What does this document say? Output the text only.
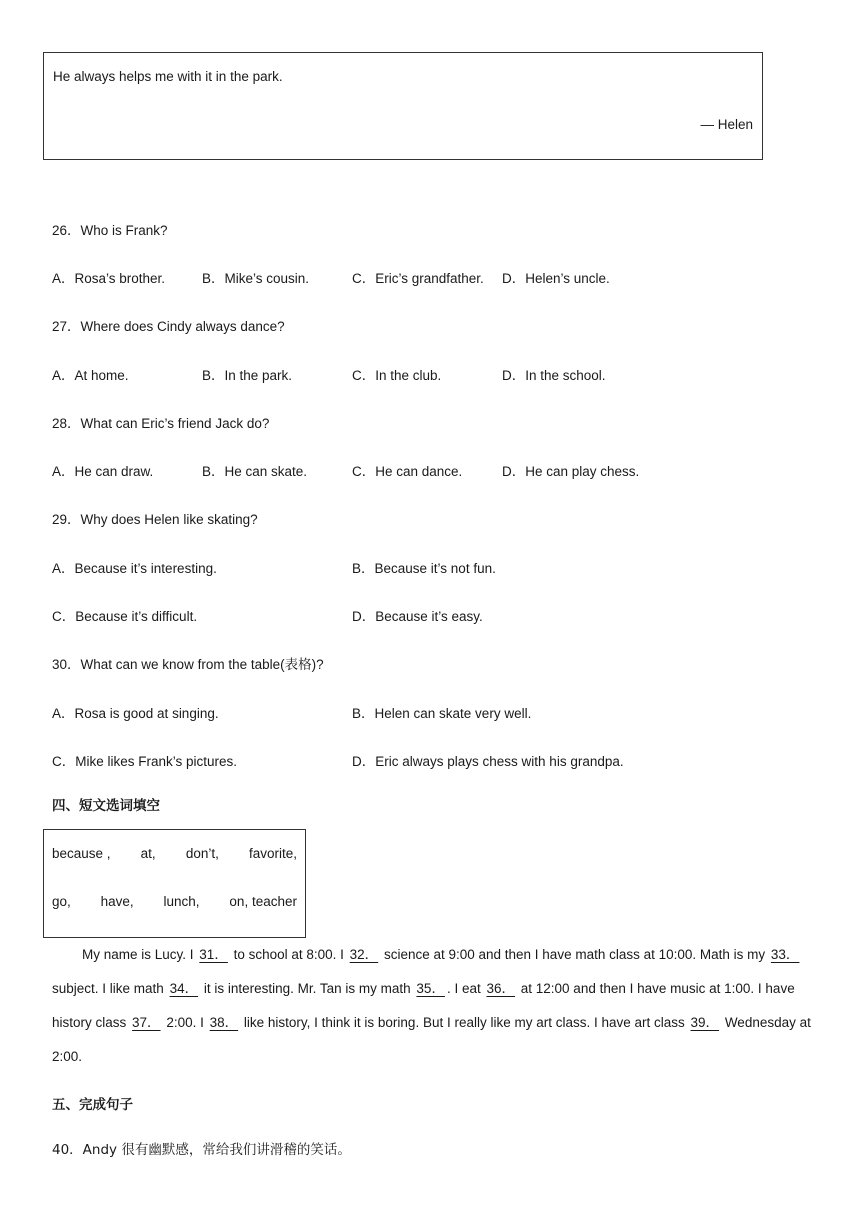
He always helps me with it in the park.
— Helen
26．Who is Frank?
A．Rosa’s brother.	B．Mike’s cousin.	C．Eric’s grandfather. D．Helen’s uncle.
27．Where does Cindy always dance?
A．At home.	B．In the park.	C．In the club.	D．In the school.
28．What can Eric’s friend Jack do?
A．He can draw.	B．He can skate.	C．He can dance.	D．He can play chess.
29．Why does Helen like skating?
A．Because it’s interesting.	B．Because it’s not fun.
C．Because it’s difficult.	D．Because it’s easy.
30．What can we know from the table(表格)?
A．Rosa is good at singing.	B．Helen can skate very well.
C．Mike likes Frank’s pictures.	D．Eric always plays chess with his grandpa.
四、短文选词填空
because , at, don’t, favorite,
go, have, lunch, on, teacher
My name is Lucy. I 31． to school at 8:00. I 32． science at 9:00 and then I have math class at 10:00. Math is my 33． subject. I like math 34． it is interesting. Mr. Tan is my math 35． . I eat 36． at 12:00 and then I have music at 1:00. I have history class 37． 2:00. I 38． like history, I think it is boring. But I really like my art class. I have art class 39． Wednesday at 2:00.
五、完成句子
40．Andy 很有幽默感，常给我们讲滑稽的笑话。
